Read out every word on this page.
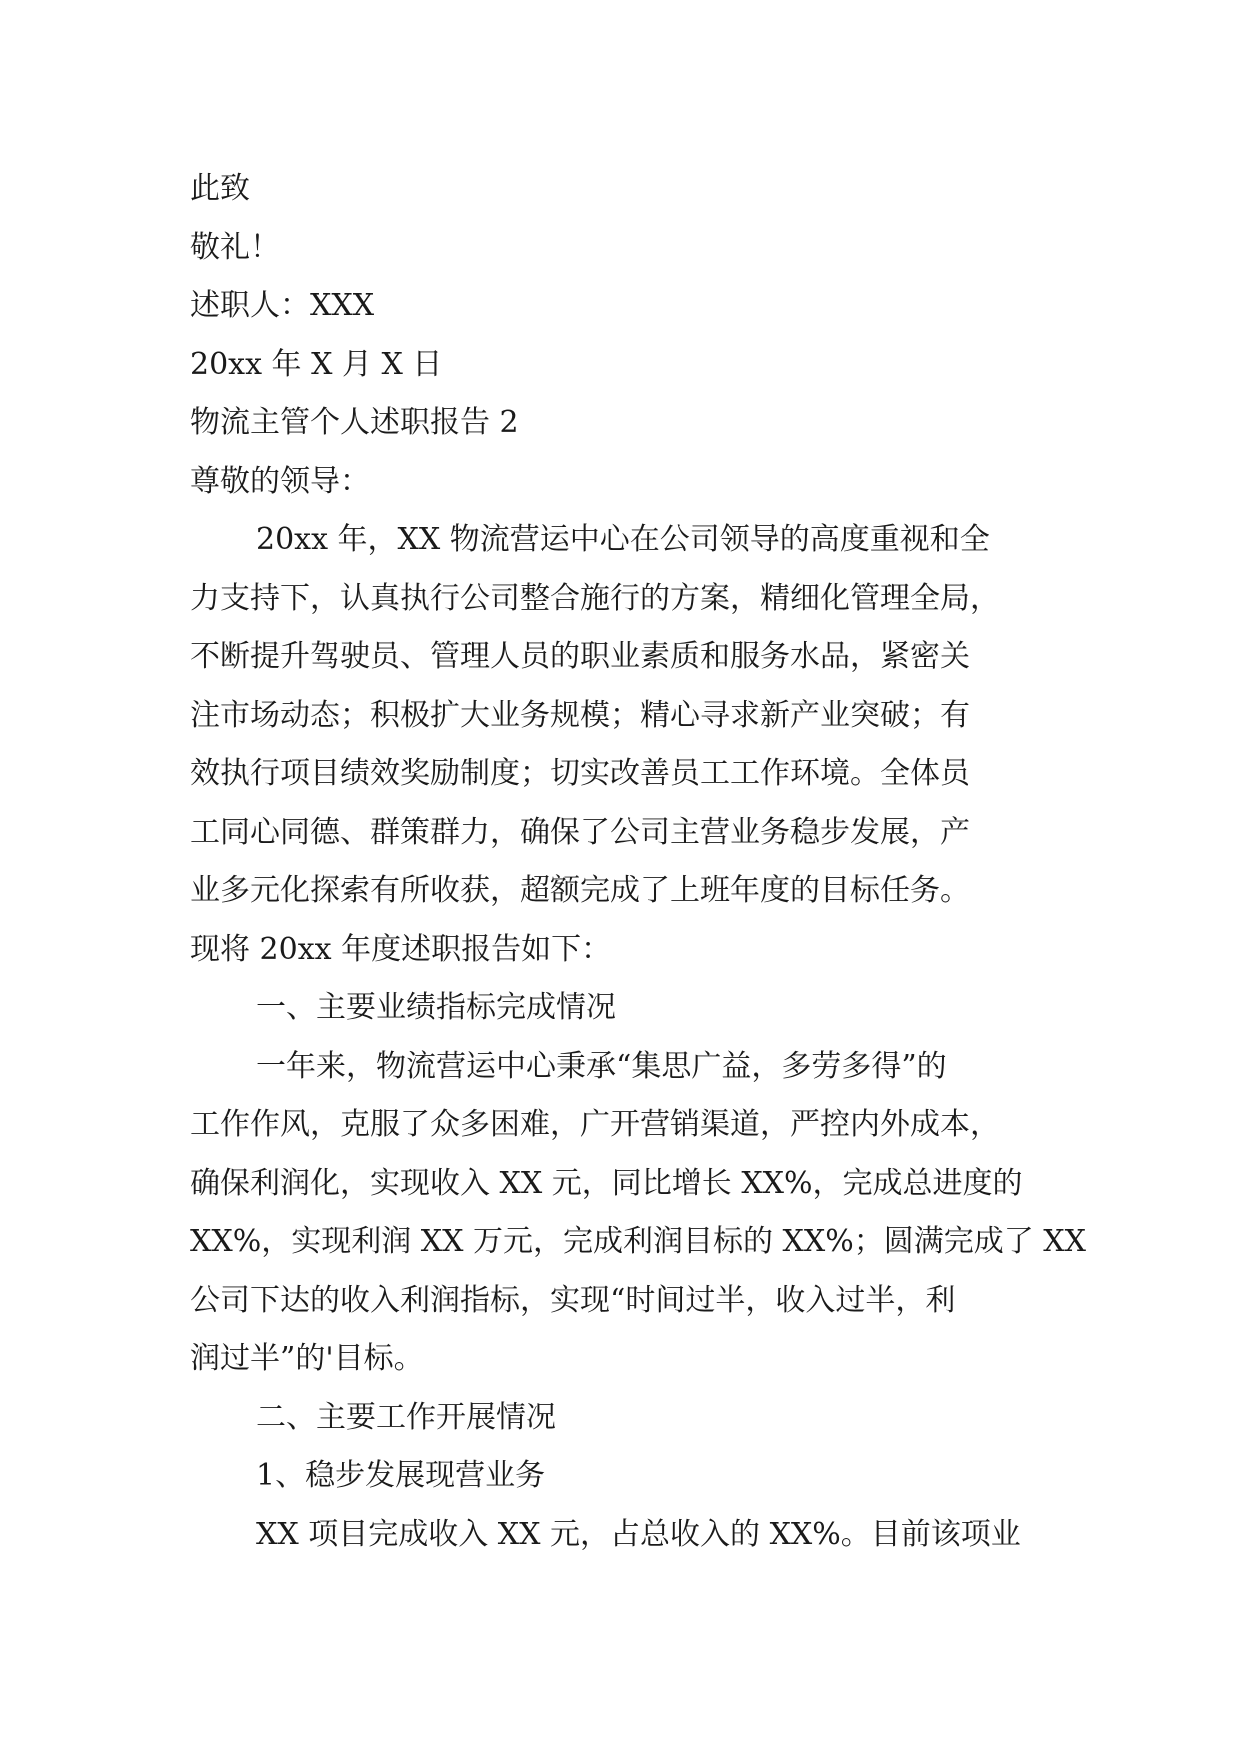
此致

敬礼！

述职人：XXX

20xx 年 X 月 X 日

物流主管个人述职报告 2

尊敬的领导：

20xx 年，XX 物流营运中心在公司领导的高度重视和全

力支持下，认真执行公司整合施行的方案，精细化管理全局，

不断提升驾驶员、管理人员的职业素质和服务水品，紧密关

注市场动态；积极扩大业务规模；精心寻求新产业突破；有

效执行项目绩效奖励制度；切实改善员工工作环境。全体员

工同心同德、群策群力，确保了公司主营业务稳步发展，产

业多元化探索有所收获，超额完成了上班年度的目标任务。

现将 20xx 年度述职报告如下：

一、主要业绩指标完成情况

一年来，物流营运中心秉承“集思广益，多劳多得”的

工作作风，克服了众多困难，广开营销渠道，严控内外成本，

确保利润化，实现收入 XX 元，同比增长 XX%，完成总进度的

XX%，实现利润 XX 万元，完成利润目标的 XX%；圆满完成了 XX

公司下达的收入利润指标，实现“时间过半，收入过半，利

润过半”的'目标。

二、主要工作开展情况

1、稳步发展现营业务

XX 项目完成收入 XX 元，占总收入的 XX%。目前该项业
